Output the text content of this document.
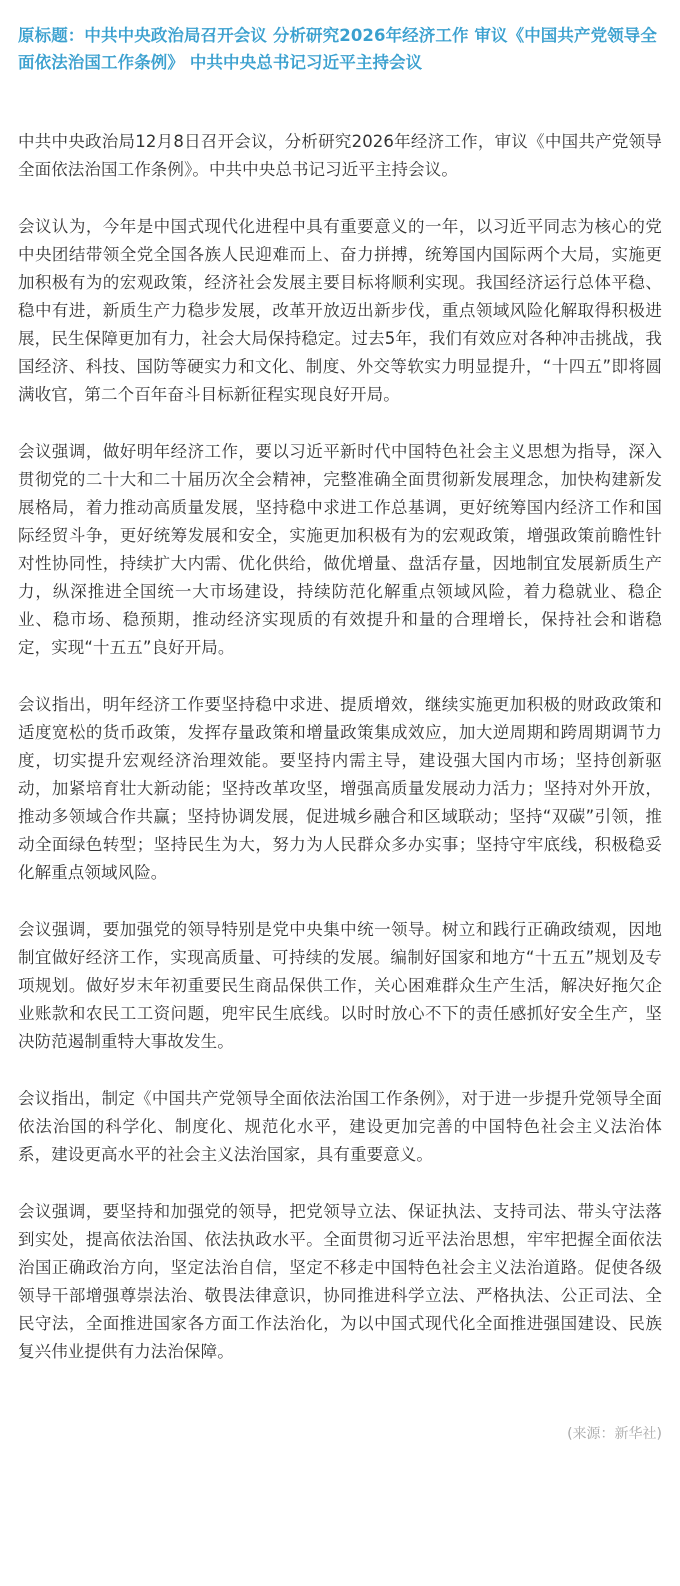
原标题：中共中央政治局召开会议 分析研究2026年经济工作 审议《中国共产党领导全面依法治国工作条例》 中共中央总书记习近平主持会议

中共中央政治局12月8日召开会议，分析研究2026年经济工作，审议《中国共产党领导全面依法治国工作条例》。中共中央总书记习近平主持会议。

会议认为，今年是中国式现代化进程中具有重要意义的一年，以习近平同志为核心的党中央团结带领全党全国各族人民迎难而上、奋力拼搏，统筹国内国际两个大局，实施更加积极有为的宏观政策，经济社会发展主要目标将顺利实现。我国经济运行总体平稳、稳中有进，新质生产力稳步发展，改革开放迈出新步伐，重点领域风险化解取得积极进展，民生保障更加有力，社会大局保持稳定。过去5年，我们有效应对各种冲击挑战，我国经济、科技、国防等硬实力和文化、制度、外交等软实力明显提升，“十四五”即将圆满收官，第二个百年奋斗目标新征程实现良好开局。

会议强调，做好明年经济工作，要以习近平新时代中国特色社会主义思想为指导，深入贯彻党的二十大和二十届历次全会精神，完整准确全面贯彻新发展理念，加快构建新发展格局，着力推动高质量发展，坚持稳中求进工作总基调，更好统筹国内经济工作和国际经贸斗争，更好统筹发展和安全，实施更加积极有为的宏观政策，增强政策前瞻性针对性协同性，持续扩大内需、优化供给，做优增量、盘活存量，因地制宜发展新质生产力，纵深推进全国统一大市场建设，持续防范化解重点领域风险，着力稳就业、稳企业、稳市场、稳预期，推动经济实现质的有效提升和量的合理增长，保持社会和谐稳定，实现“十五五”良好开局。

会议指出，明年经济工作要坚持稳中求进、提质增效，继续实施更加积极的财政政策和适度宽松的货币政策，发挥存量政策和增量政策集成效应，加大逆周期和跨周期调节力度，切实提升宏观经济治理效能。要坚持内需主导，建设强大国内市场；坚持创新驱动，加紧培育壮大新动能；坚持改革攻坚，增强高质量发展动力活力；坚持对外开放，推动多领域合作共赢；坚持协调发展，促进城乡融合和区域联动；坚持“双碳”引领，推动全面绿色转型；坚持民生为大，努力为人民群众多办实事；坚持守牢底线，积极稳妥化解重点领域风险。

会议强调，要加强党的领导特别是党中央集中统一领导。树立和践行正确政绩观，因地制宜做好经济工作，实现高质量、可持续的发展。编制好国家和地方“十五五”规划及专项规划。做好岁末年初重要民生商品保供工作，关心困难群众生产生活，解决好拖欠企业账款和农民工工资问题，兜牢民生底线。以时时放心不下的责任感抓好安全生产，坚决防范遏制重特大事故发生。

会议指出，制定《中国共产党领导全面依法治国工作条例》，对于进一步提升党领导全面依法治国的科学化、制度化、规范化水平，建设更加完善的中国特色社会主义法治体系，建设更高水平的社会主义法治国家，具有重要意义。

会议强调，要坚持和加强党的领导，把党领导立法、保证执法、支持司法、带头守法落到实处，提高依法治国、依法执政水平。全面贯彻习近平法治思想，牢牢把握全面依法治国正确政治方向，坚定法治自信，坚定不移走中国特色社会主义法治道路。促使各级领导干部增强尊崇法治、敬畏法律意识，协同推进科学立法、严格执法、公正司法、全民守法，全面推进国家各方面工作法治化，为以中国式现代化全面推进强国建设、民族复兴伟业提供有力法治保障。

(来源：新华社)
